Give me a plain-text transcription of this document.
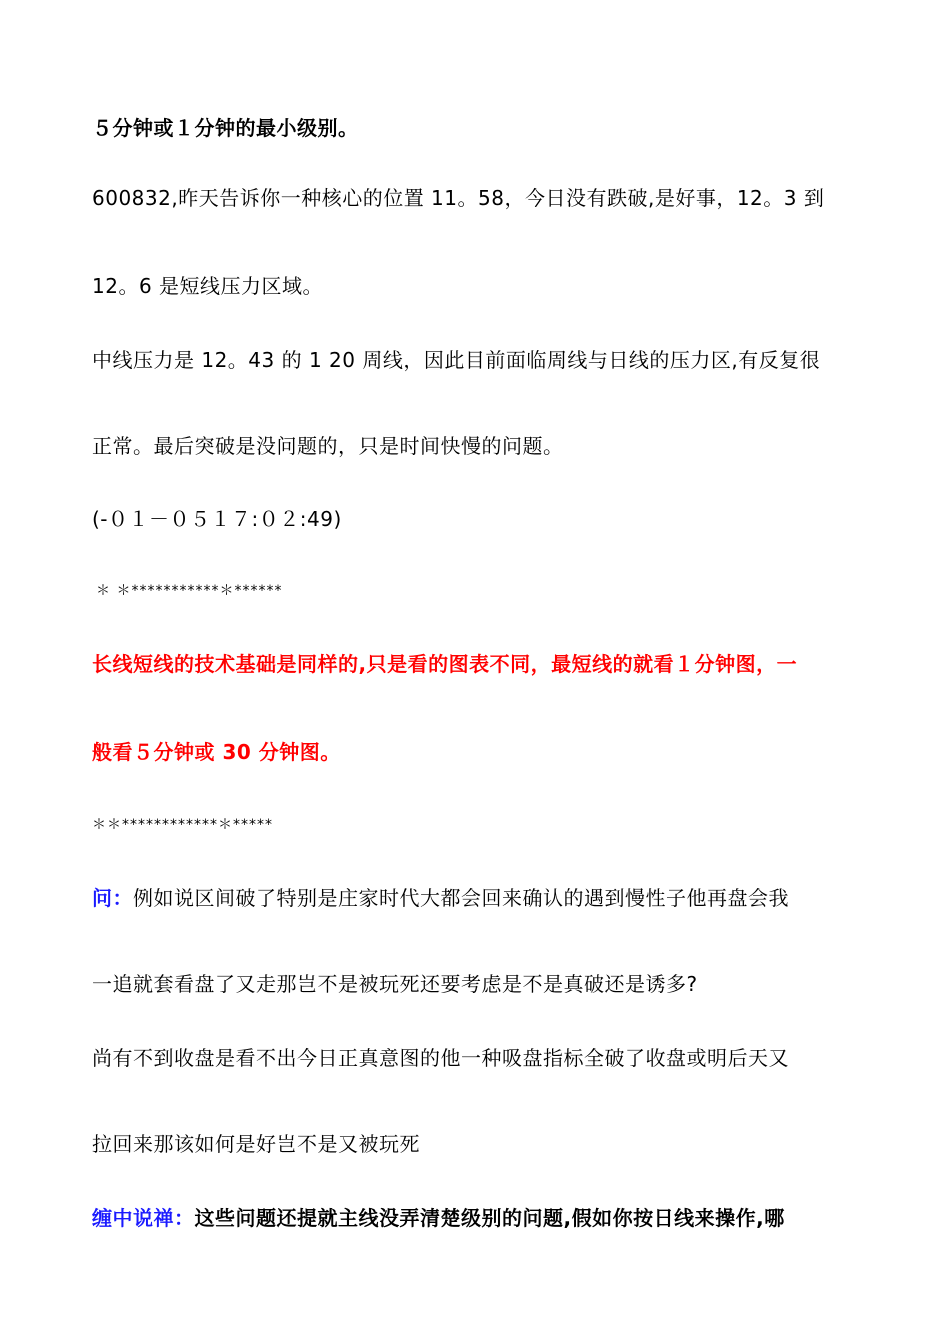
５分钟或１分钟的最小级别。
600832,昨天告诉你一种核心的位置 11。58，今日没有跌破,是好事，12。3 到
12。6 是短线压力区域。
中线压力是 12。43 的 1 20 周线，因此目前面临周线与日线的压力区,有反复很
正常。最后突破是没问题的，只是时间快慢的问题。
(-０１－０５１７:０２:49)
＊ ＊***********＊******
长线短线的技术基础是同样的,只是看的图表不同，最短线的就看１分钟图，一
般看５分钟或 30 分钟图。
＊＊************＊*****
问：例如说区间破了特别是庄家时代大都会回来确认的遇到慢性子他再盘会我
一追就套看盘了又走那岂不是被玩死还要考虑是不是真破还是诱多?
尚有不到收盘是看不出今日正真意图的他一种吸盘指标全破了收盘或明后天又
拉回来那该如何是好岂不是又被玩死
缠中说禅：这些问题还提就主线没弄清楚级别的问题,假如你按日线来操作,哪
